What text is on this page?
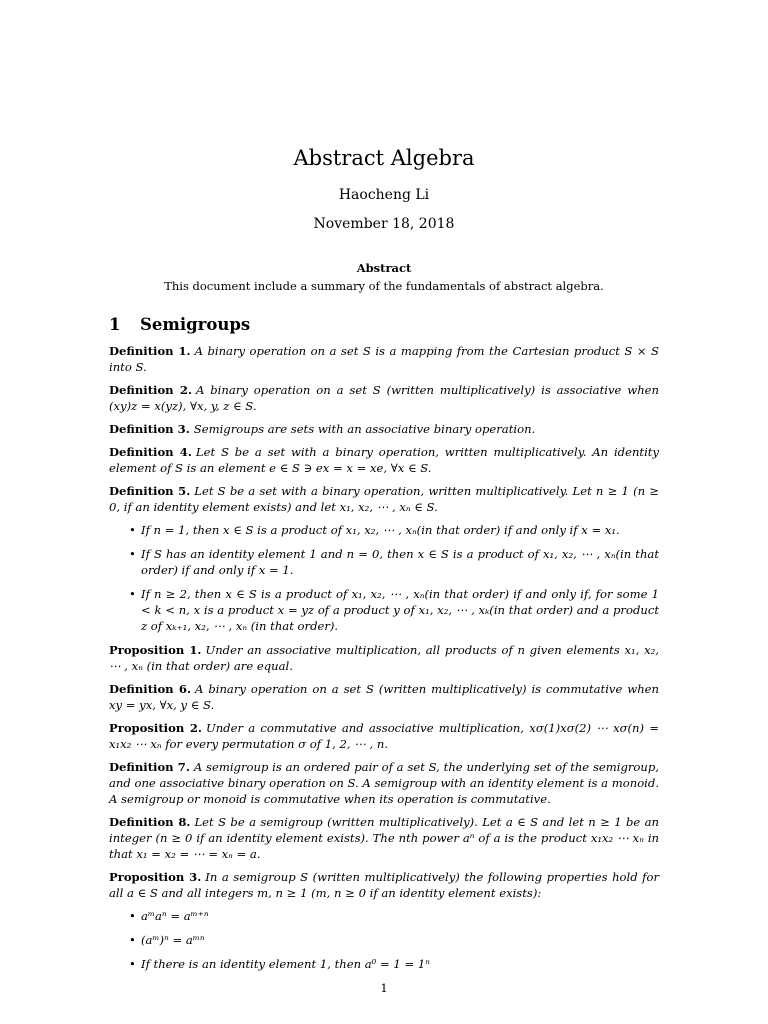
Abstract Algebra
Haocheng Li
November 18, 2018
Abstract
This document include a summary of the fundamentals of abstract algebra.
1 Semigroups

Definition 1. A binary operation on a set S is a mapping from the Cartesian product S × S into S.

Definition 2. A binary operation on a set S (written multiplicatively) is associative when (xy)z = x(yz), ∀x, y, z ∈ S.

Definition 3. Semigroups are sets with an associative binary operation.

Definition 4. Let S be a set with a binary operation, written multiplicatively. An identity element of S is an element e ∈ S ∋ ex = x = xe, ∀x ∈ S.

Definition 5. Let S be a set with a binary operation, written multiplicatively. Let n ≥ 1 (n ≥ 0, if an identity element exists) and let x₁, x₂, ⋯ , xₙ ∈ S.

• If n = 1, then x ∈ S is a product of x₁, x₂, ⋯ , xₙ(in that order) if and only if x = x₁.
• If S has an identity element 1 and n = 0, then x ∈ S is a product of x₁, x₂, ⋯ , xₙ(in that order) if and only if x = 1.
• If n ≥ 2, then x ∈ S is a product of x₁, x₂, ⋯ , xₙ(in that order) if and only if, for some 1 < k < n, x is a product x = yz of a product y of x₁, x₂, ⋯ , xₖ(in that order) and a product z of xₖ₊₁, x₂, ⋯ , xₙ (in that order).

Proposition 1. Under an associative multiplication, all products of n given elements x₁, x₂, ⋯ , xₙ (in that order) are equal.

Definition 6. A binary operation on a set S (written multiplicatively) is commutative when xy = yx, ∀x, y ∈ S.

Proposition 2. Under a commutative and associative multiplication, xσ(1)xσ(2) ⋯ xσ(n) = x₁x₂ ⋯ xₙ for every permutation σ of 1, 2, ⋯ , n.

Definition 7. A semigroup is an ordered pair of a set S, the underlying set of the semigroup, and one associative binary operation on S. A semigroup with an identity element is a monoid. A semigroup or monoid is commutative when its operation is commutative.

Definition 8. Let S be a semigroup (written multiplicatively). Let a ∈ S and let n ≥ 1 be an integer (n ≥ 0 if an identity element exists). The nth power aⁿ of a is the product x₁x₂ ⋯ xₙ in that x₁ = x₂ = ⋯ = xₙ = a.

Proposition 3. In a semigroup S (written multiplicatively) the following properties hold for all a ∈ S and all integers m, n ≥ 1 (m, n ≥ 0 if an identity element exists):

• aᵐaⁿ = aᵐ⁺ⁿ
• (aᵐ)ⁿ = aᵐⁿ
• If there is an identity element 1, then a⁰ = 1 = 1ⁿ
1
